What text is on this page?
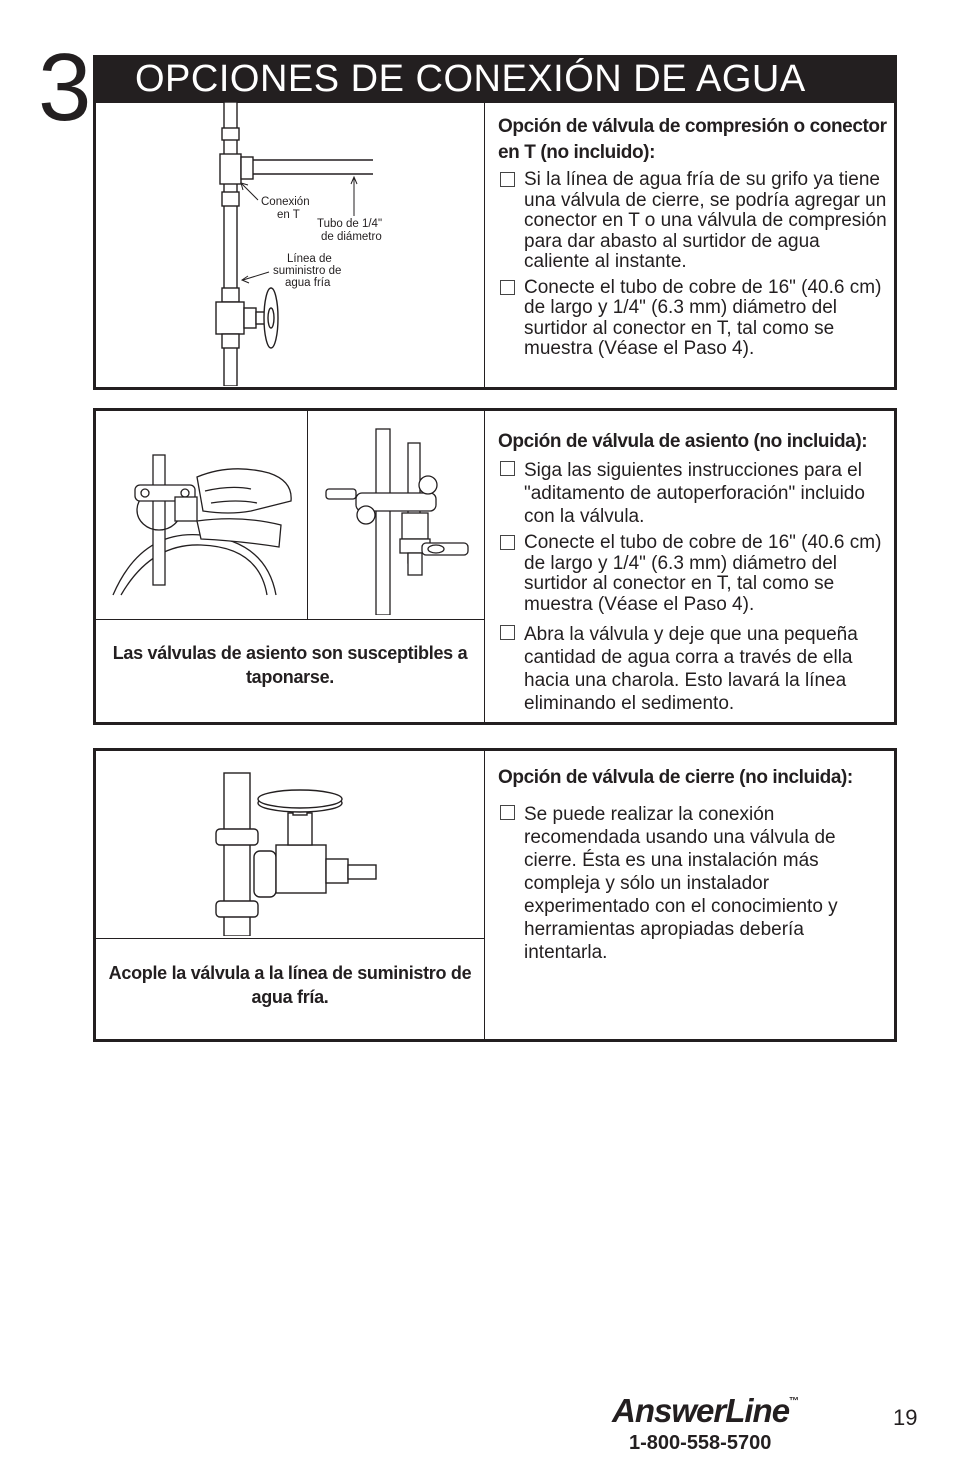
3 OPCIONES DE CONEXIÓN DE AGUA
Conexión
en T
Tubo de 1/4"
de diámetro
Línea de
suministro de
agua fría
Opción de válvula de compresión o conector en T (no incluido):
Si la línea de agua fría de su grifo ya tiene una válvula de cierre, se podría agregar un conector en T o una válvula de compresión para dar abasto al surtidor de agua caliente al instante.
Conecte el tubo de cobre de 16" (40.6 cm) de largo y 1/4" (6.3 mm) diámetro del surtidor al conector en T, tal como se muestra (Véase el Paso 4).
Las válvulas de asiento son susceptibles a taponarse.
Opción de válvula de asiento (no incluida):
Siga las siguientes instrucciones para el "aditamento de autoperforación" incluido con la válvula.
Conecte el tubo de cobre de 16" (40.6 cm) de largo y 1/4" (6.3 mm) diámetro del surtidor al conector en T, tal como se muestra (Véase el Paso 4).
Abra la válvula y deje que una pequeña cantidad de agua corra a través de ella hacia una charola. Esto lavará la línea eliminando el sedimento.
Acople la válvula a la línea de suministro de agua fría.
Opción de válvula de cierre (no incluida):
Se puede realizar la conexión recomendada usando una válvula de cierre. Ésta es una instalación más compleja y sólo un instalador experimentado con el conocimiento y herramientas apropiadas debería intentarla.
AnswerLine™
1-800-558-5700
19
